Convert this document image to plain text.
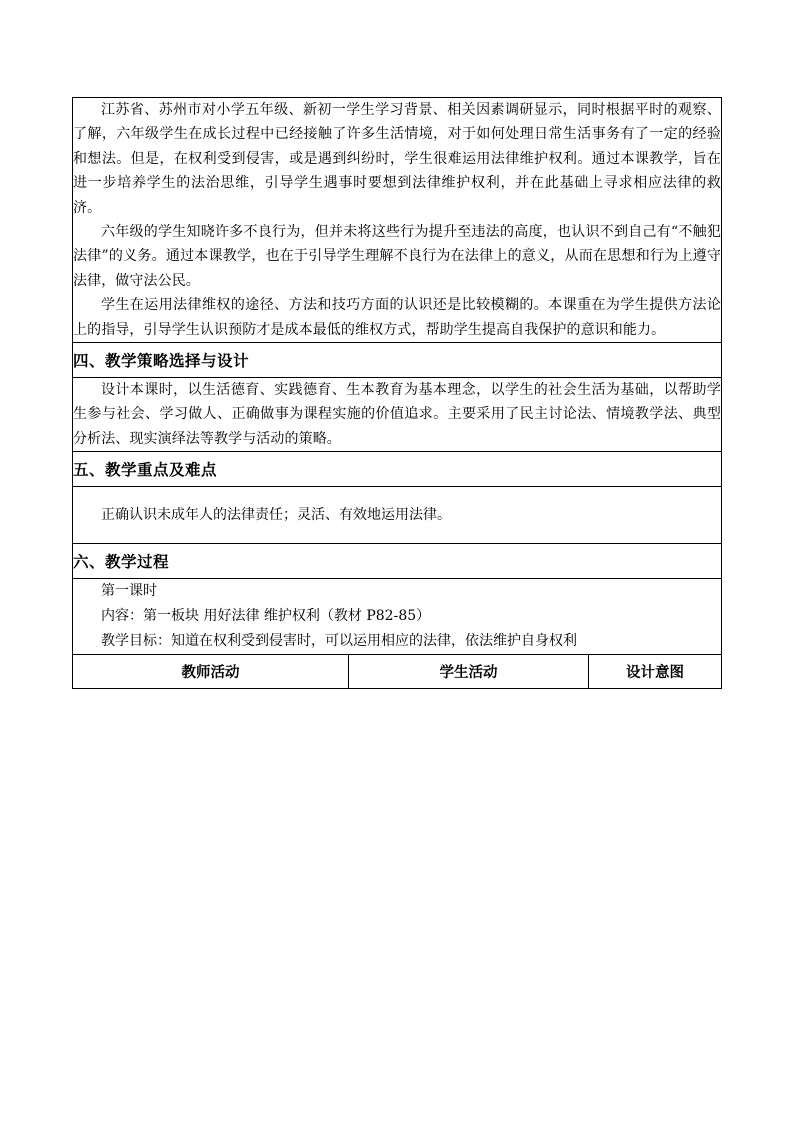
江苏省、苏州市对小学五年级、新初一学生学习背景、相关因素调研显示，同时根据平时的观察、了解，六年级学生在成长过程中已经接触了许多生活情境，对于如何处理日常生活事务有了一定的经验和想法。但是，在权利受到侵害，或是遇到纠纷时，学生很难运用法律维护权利。通过本课教学，旨在进一步培养学生的法治思维，引导学生遇事时要想到法律维护权利，并在此基础上寻求相应法律的救济。

六年级的学生知晓许多不良行为，但并未将这些行为提升至违法的高度，也认识不到自己有“不触犯法律”的义务。通过本课教学，也在于引导学生理解不良行为在法律上的意义，从而在思想和行为上遵守法律，做守法公民。

学生在运用法律维权的途径、方法和技巧方面的认识还是比较模糊的。本课重在为学生提供方法论上的指导，引导学生认识预防才是成本最低的维权方式，帮助学生提高自我保护的意识和能力。

四、教学策略选择与设计

设计本课时，以生活德育、实践德育、生本教育为基本理念，以学生的社会生活为基础，以帮助学生参与社会、学习做人、正确做事为课程实施的价值追求。主要采用了民主讨论法、情境教学法、典型分析法、现实演绎法等教学与活动的策略。

五、教学重点及难点

正确认识未成年人的法律责任；灵活、有效地运用法律。

六、教学过程

第一课时

内容：第一板块 用好法律 维护权利（教材 P82-85）

教学目标：知道在权利受到侵害时，可以运用相应的法律，依法维护自身权利

教师活动	学生活动	设计意图
